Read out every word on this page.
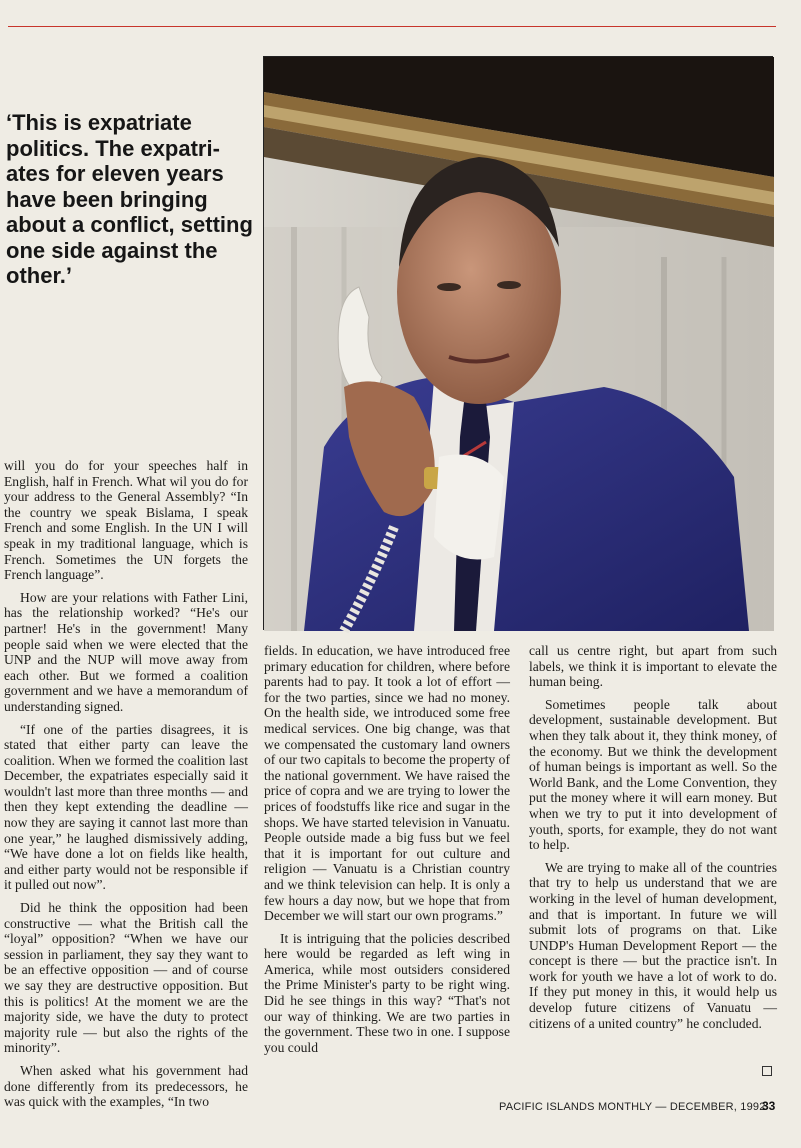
‘This is expatriate politics. The expatri-ates for eleven years have been bringing about a conflict, setting one side against the other.’

will you do for your speeches half in English, half in French. What wil you do for your address to the General Assembly? “In the country we speak Bislama, I speak French and some English. In the UN I will speak in my traditional language, which is French. Sometimes the UN forgets the French language”.

How are your relations with Father Lini, has the relationship worked? “He's our partner! He's in the government! Many people said when we were elected that the UNP and the NUP will move away from each other. But we formed a coalition government and we have a memorandum of understanding signed.

“If one of the parties disagrees, it is stated that either party can leave the coalition. When we formed the coalition last December, the expatriates especially said it wouldn't last more than three months — and then they kept extending the deadline — now they are saying it cannot last more than one year,” he laughed dismissively adding, “We have done a lot on fields like health, and either party would not be responsible if it pulled out now”.

Did he think the opposition had been constructive — what the British call the “loyal” opposition? “When we have our session in parliament, they say they want to be an effective opposition — and of course we say they are destructive opposition. But this is politics! At the moment we are the majority side, we have the duty to protect majority rule — but also the rights of the minority”.

When asked what his government had done differently from its predecessors, he was quick with the examples, “In two

fields. In education, we have introduced free primary education for children, where before parents had to pay. It took a lot of effort — for the two parties, since we had no money. On the health side, we introduced some free medical services. One big change, was that we compensated the customary land owners of our two capitals to become the property of the national government. We have raised the price of copra and we are trying to lower the prices of foodstuffs like rice and sugar in the shops. We have started television in Vanuatu. People outside made a big fuss but we feel that it is important for out culture and religion — Vanuatu is a Christian country and we think television can help. It is only a few hours a day now, but we hope that from December we will start our own programs.”

It is intriguing that the policies described here would be regarded as left wing in America, while most outsiders considered the Prime Minister's party to be right wing. Did he see things in this way? “That's not our way of thinking. We are two parties in the government. These two in one. I suppose you could

call us centre right, but apart from such labels, we think it is important to elevate the human being.

Sometimes people talk about development, sustainable development. But when they talk about it, they think money, of the economy. But we think the development of human beings is important as well. So the World Bank, and the Lome Convention, they put the money where it will earn money. But when we try to put it into development of youth, sports, for example, they do not want to help.

We are trying to make all of the countries that try to help us understand that we are working in the level of human development, and that is important. In future we will submit lots of programs on that. Like UNDP's Human Development Report — the concept is there — but the practice isn't. In work for youth we have a lot of work to do. If they put money in this, it would help us develop future citizens of Vanuatu — citizens of a united country” he concluded.

PACIFIC ISLANDS MONTHLY — DECEMBER, 1992
33
